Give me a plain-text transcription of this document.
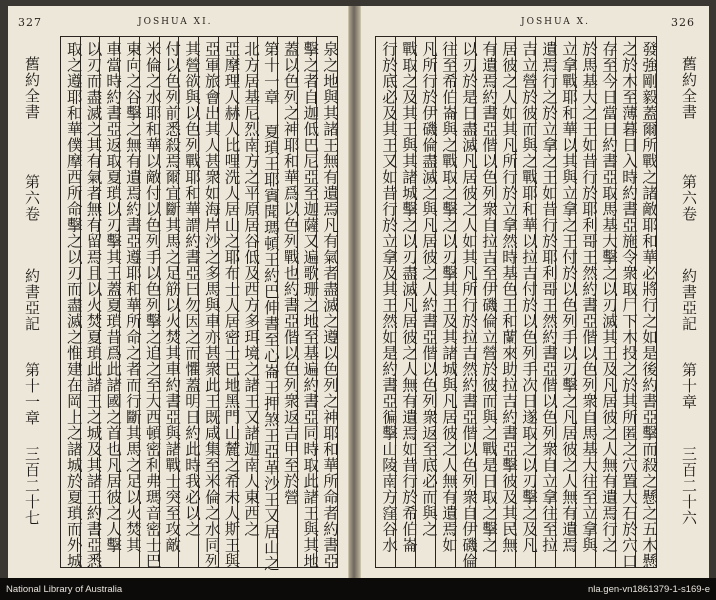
327	JOSHUA XI.
泉之地與其諸王無有遺焉凡有氣者盡滅之遵以色列之神耶和華所命者約書亞
擊之者自迦低巴尼亞至迦薩又遍歌珊之地至基遍約書亞同時取此諸王與其地
蓋以色列之神耶和華爲以色列戰也約書亞偕以色列衆返吉甲至於營
第十一章 夏瑣王耶賓聞瑪頓王約巴伸書至心崙王押煞王亞革沙王又居山之
北方居基尼烈南方之平原居谷低及西方多珥境之諸王又諸迦南人東西之
亞摩理人赫人比哩洗人居山之耶布士人居密士巴地黑門山麓之希未人斯王與
亞軍旅會出其人甚衆如海岸沙之多馬與車亦甚衆此王既咸集至米倫之水同列
其營欲與以色列戰耶和華謂約書亞曰勿因之而懼蓋明日約此時我必以之
付以色列前悉殺焉爾宜斷其馬之足筋以火焚其車約書亞與諸戰士突至攻敵
米倫之水耶和華以敵付以色列手以色列擊之追之至大西頓密利弗瑪音密士巴
東向之谷擊之無有遺焉約書亞遵耶和華所命之者而行斷其馬之足以火焚其
車當時約書亞返取夏瑣以刃擊其王蓋夏瑣昔爲此諸國之首也凡居彼之人擊
以刃而盡滅之其有氣者無有留焉且以火焚夏瑣此諸王之城及其諸王約書亞悉
取之遵耶和華僕摩西所命擊之以刃而盡滅之惟建在岡上之諸城於夏瑣而外城
舊約全書
第六卷
約書亞記
第十一章
三百二十七
JOSHUA X.	326
發強剛毅蓋爾所戰之諸敵耶和華必將行之如是後約書亞擊而殺之懸之五木懸
之於木至薄暮日入時約書亞施令衆取尸下木投之於其所匿之穴置大石於穴口
存至今日當日約書亞取馬基大擊之以刃滅其王及凡居彼之人無有遺焉行之
於馬基大之王如昔行於耶利哥王然約書亞偕以色列衆自馬基大往至立拿與
立拿戰耶和華以其與立拿之王付於以色列手以刃擊之凡居彼之人無有遺焉
遺焉行之於立拿之王如昔行於耶利哥王然約書亞偕以色列衆自立拿往至拉
吉立營於彼而與之戰耶和華以拉吉付於以色列手次日遂取之以刃擊之及凡
居彼之人如其凡所行於立拿然時基色王和蘭來助拉吉約書亞擊彼及其民無
有遺焉約書亞偕以色列衆自拉吉至伊磯倫立營於彼而與之戰是日取之擊之
以刃於是日盡滅凡居彼之人如其凡所行於拉吉然約書亞偕以色列衆自伊磯倫
往至希伯崙與之戰取之擊之以刃擊其王及其諸城與凡居彼之人無有遺焉如
凡所行於伊磯倫盡滅之與凡居彼之人約書亞偕以色列衆返至底必而與之
戰取之及其王與其諸城擊之以刃盡滅凡居彼之人無有遺焉如昔行於希伯崙
行於底必及其王又如昔行於立拿及其王然如是約書亞徧擊山陵南方窪谷水	舊約全書
第六卷
約書亞記
第十章
三百二十六
National Library of Australia	nla.gen-vn1861379-1-s169-e
